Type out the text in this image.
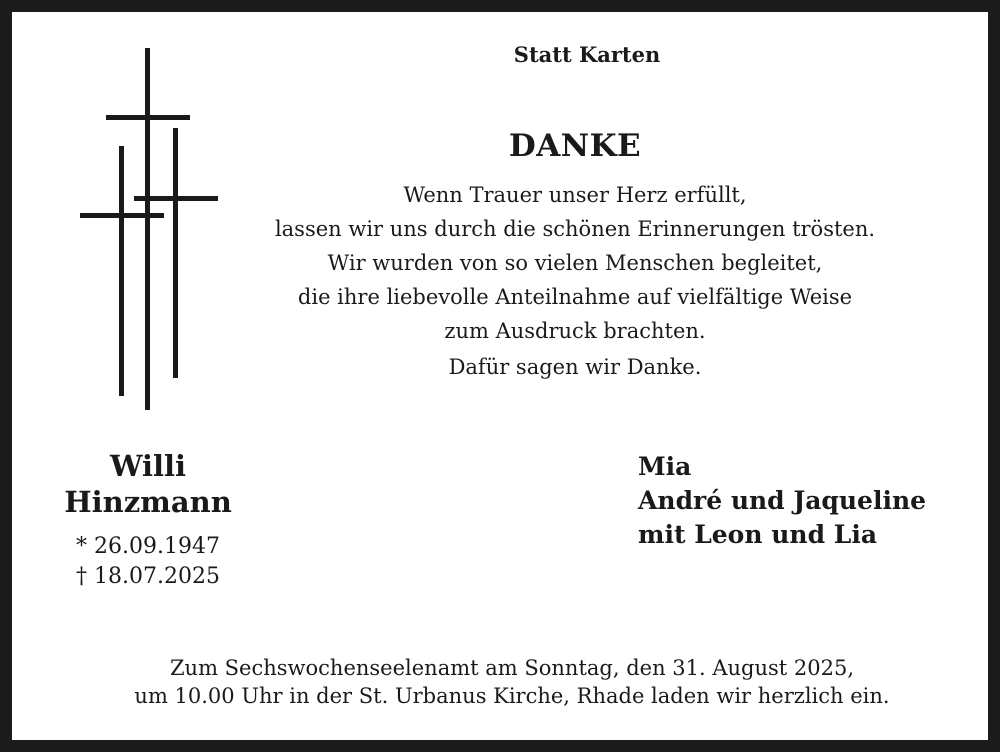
Statt Karten
DANKE
Wenn Trauer unser Herz erfüllt,
lassen wir uns durch die schönen Erinnerungen trösten.
Wir wurden von so vielen Menschen begleitet,
die ihre liebevolle Anteilnahme auf vielfältige Weise
zum Ausdruck brachten.
Dafür sagen wir Danke.
Willi
Hinzmann
* 26.09.1947
† 18.07.2025
Mia
André und Jaqueline
mit Leon und Lia
Zum Sechswochenseelenamt am Sonntag, den 31. August 2025,
um 10.00 Uhr in der St. Urbanus Kirche, Rhade laden wir herzlich ein.
